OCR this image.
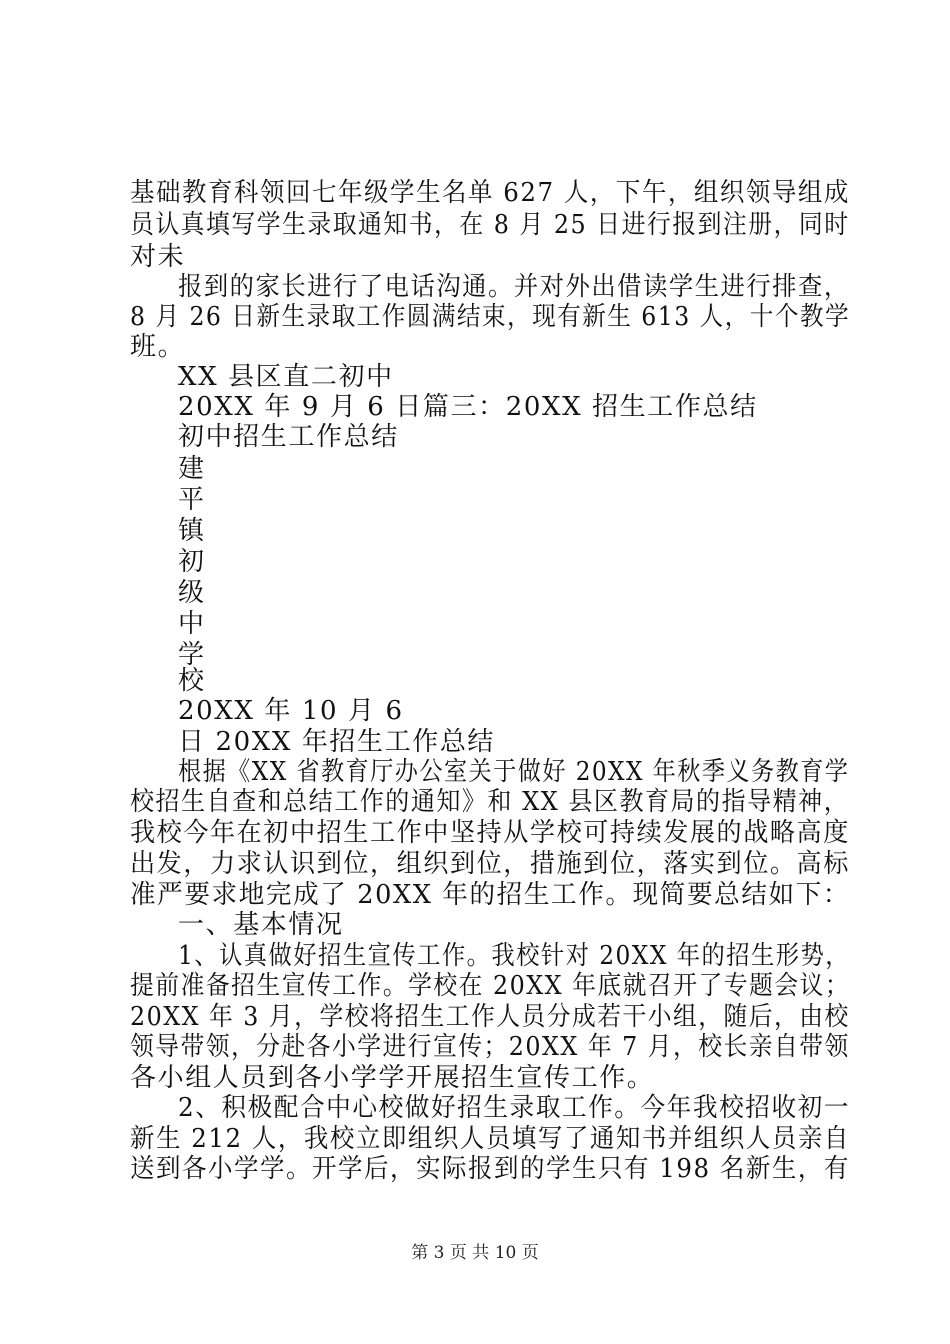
基础教育科领回七年级学生名单 627 人，下午，组织领导组成

员认真填写学生录取通知书，在 8 月 25 日进行报到注册，同时

对未

报到的家长进行了电话沟通。并对外出借读学生进行排查，

8 月 26 日新生录取工作圆满结束，现有新生 613 人，十个教学

班。

XX 县区直二初中

20XX 年 9 月 6 日篇三：20XX 招生工作总结

初中招生工作总结

建

平

镇

初

级

中

学

校

20XX 年 10 月 6

日 20XX 年招生工作总结

根据《XX 省教育厅办公室关于做好 20XX 年秋季义务教育学

校招生自查和总结工作的通知》和 XX 县区教育局的指导精神，

我校今年在初中招生工作中坚持从学校可持续发展的战略高度

出发，力求认识到位，组织到位，措施到位，落实到位。高标

准严要求地完成了 20XX 年的招生工作。现简要总结如下：

一、基本情况

1、认真做好招生宣传工作。我校针对 20XX 年的招生形势，

提前准备招生宣传工作。学校在 20XX 年底就召开了专题会议；

20XX 年 3 月，学校将招生工作人员分成若干小组，随后，由校

领导带领，分赴各小学进行宣传；20XX 年 7 月，校长亲自带领

各小组人员到各小学学开展招生宣传工作。

2、积极配合中心校做好招生录取工作。今年我校招收初一

新生 212 人，我校立即组织人员填写了通知书并组织人员亲自

送到各小学学。开学后，实际报到的学生只有 198 名新生，有

第 3 页 共 10 页
